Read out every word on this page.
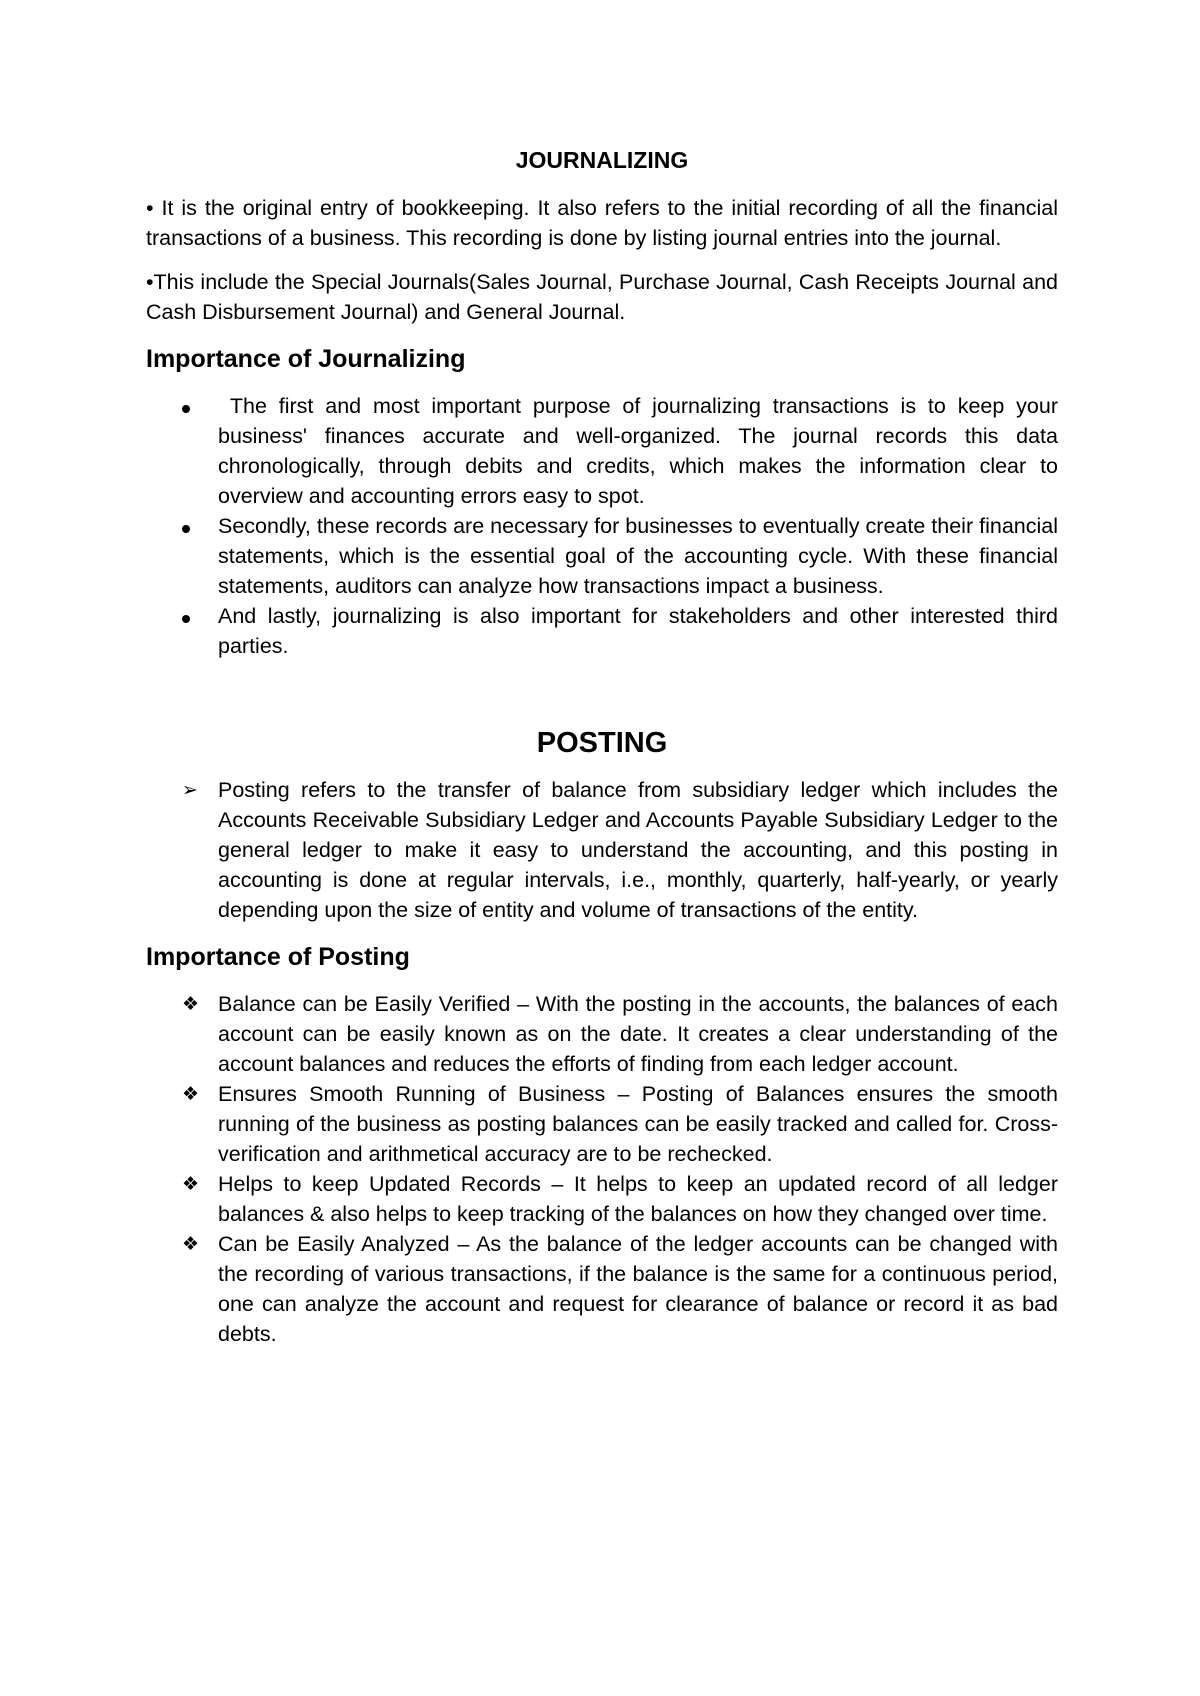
JOURNALIZING

• It is the original entry of bookkeeping. It also refers to the initial recording of all the financial transactions of a business. This recording is done by listing journal entries into the journal.

•This include the Special Journals(Sales Journal, Purchase Journal, Cash Receipts Journal and Cash Disbursement Journal) and General Journal.

Importance of Journalizing
The first and most important purpose of journalizing transactions is to keep your business' finances accurate and well-organized. The journal records this data chronologically, through debits and credits, which makes the information clear to overview and accounting errors easy to spot.
Secondly, these records are necessary for businesses to eventually create their financial statements, which is the essential goal of the accounting cycle. With these financial statements, auditors can analyze how transactions impact a business.
And lastly, journalizing is also important for stakeholders and other interested third parties.
POSTING
➢ Posting refers to the transfer of balance from subsidiary ledger which includes the Accounts Receivable Subsidiary Ledger and Accounts Payable Subsidiary Ledger to the general ledger to make it easy to understand the accounting, and this posting in accounting is done at regular intervals, i.e., monthly, quarterly, half-yearly, or yearly depending upon the size of entity and volume of transactions of the entity.
Importance of Posting
❖ Balance can be Easily Verified – With the posting in the accounts, the balances of each account can be easily known as on the date. It creates a clear understanding of the account balances and reduces the efforts of finding from each ledger account.
❖ Ensures Smooth Running of Business – Posting of Balances ensures the smooth running of the business as posting balances can be easily tracked and called for. Cross-verification and arithmetical accuracy are to be rechecked.
❖ Helps to keep Updated Records – It helps to keep an updated record of all ledger balances & also helps to keep tracking of the balances on how they changed over time.
❖ Can be Easily Analyzed – As the balance of the ledger accounts can be changed with the recording of various transactions, if the balance is the same for a continuous period, one can analyze the account and request for clearance of balance or record it as bad debts.
